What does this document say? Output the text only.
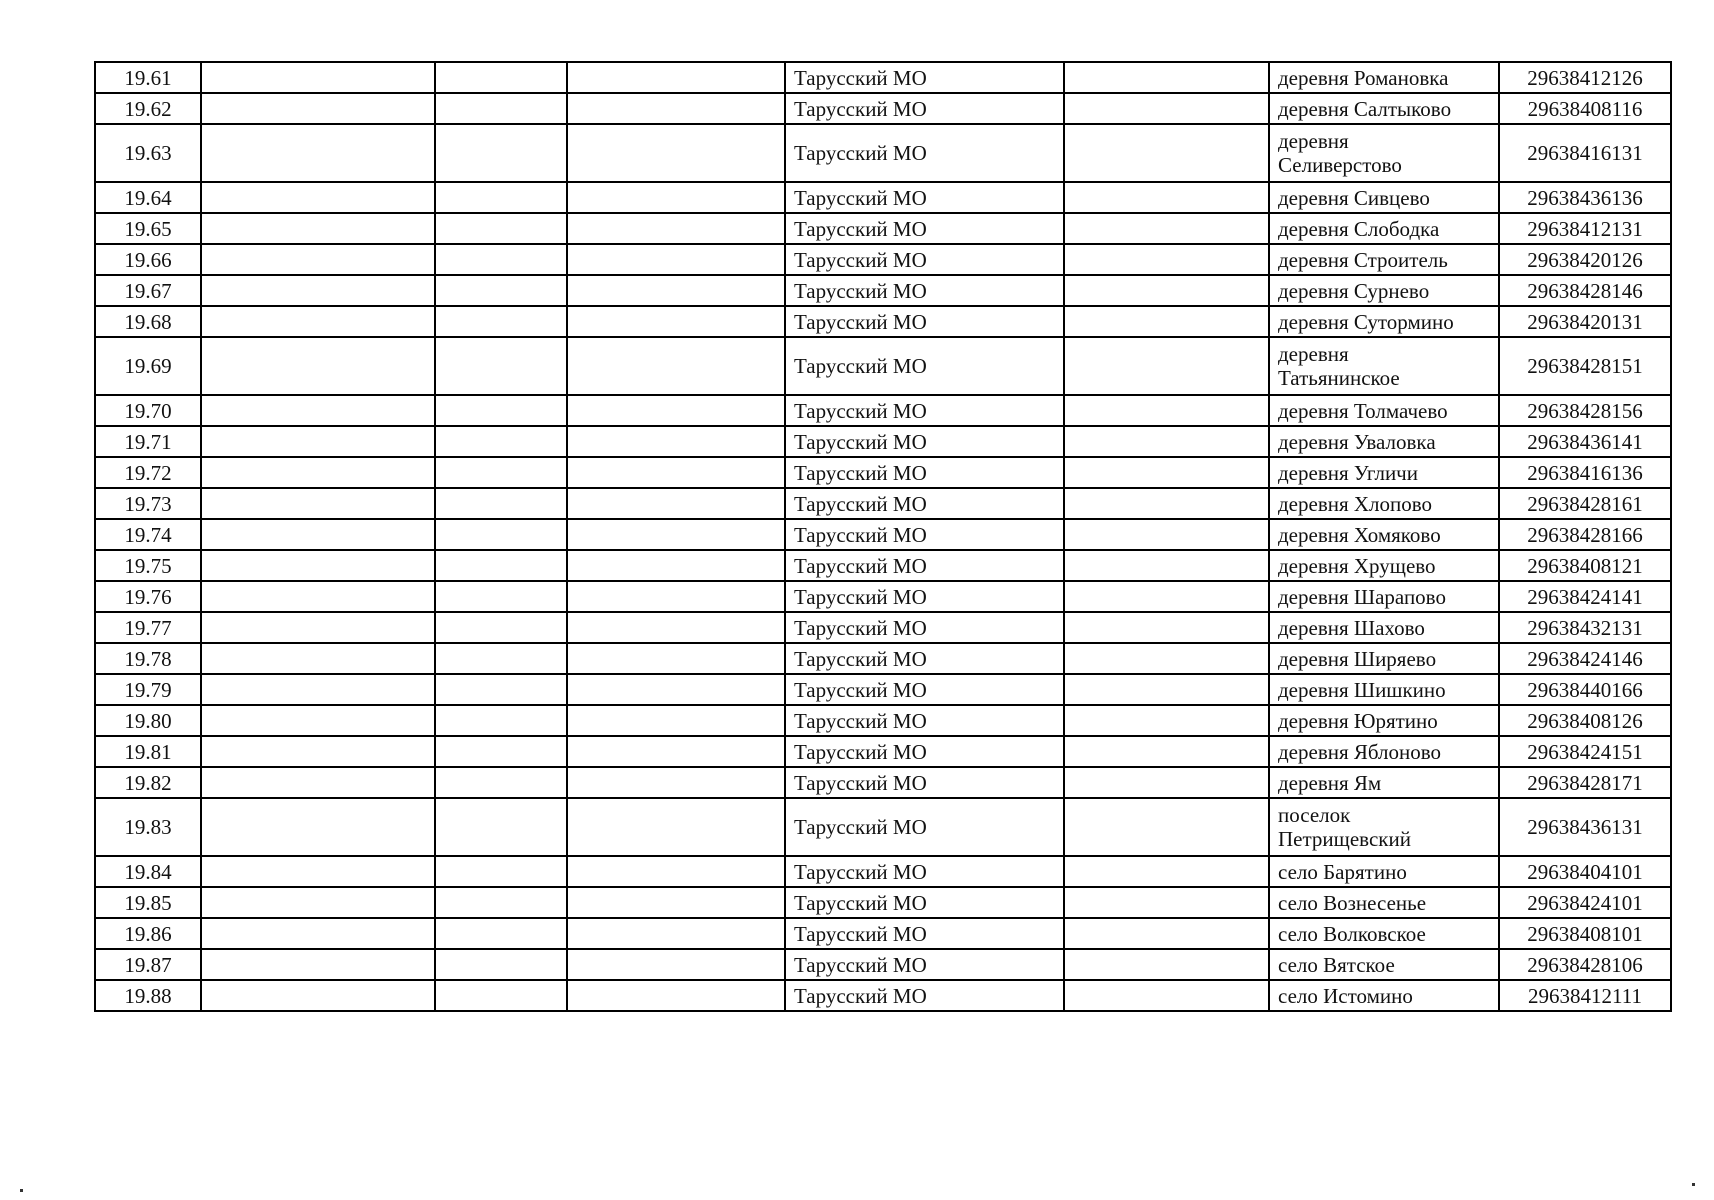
19.61				Тарусский МО		деревня Романовка	29638412126
19.62				Тарусский МО		деревня Салтыково	29638408116
19.63				Тарусский МО		деревня Селиверстово	29638416131
19.64				Тарусский МО		деревня Сивцево	29638436136
19.65				Тарусский МО		деревня Слободка	29638412131
19.66				Тарусский МО		деревня Строитель	29638420126
19.67				Тарусский МО		деревня Сурнево	29638428146
19.68				Тарусский МО		деревня Сутормино	29638420131
19.69				Тарусский МО		деревня Татьянинское	29638428151
19.70				Тарусский МО		деревня Толмачево	29638428156
19.71				Тарусский МО		деревня Уваловка	29638436141
19.72				Тарусский МО		деревня Угличи	29638416136
19.73				Тарусский МО		деревня Хлопово	29638428161
19.74				Тарусский МО		деревня Хомяково	29638428166
19.75				Тарусский МО		деревня Хрущево	29638408121
19.76				Тарусский МО		деревня Шарапово	29638424141
19.77				Тарусский МО		деревня Шахово	29638432131
19.78				Тарусский МО		деревня Ширяево	29638424146
19.79				Тарусский МО		деревня Шишкино	29638440166
19.80				Тарусский МО		деревня Юрятино	29638408126
19.81				Тарусский МО		деревня Яблоново	29638424151
19.82				Тарусский МО		деревня Ям	29638428171
19.83				Тарусский МО		поселок Петрищевский	29638436131
19.84				Тарусский МО		село Барятино	29638404101
19.85				Тарусский МО		село Вознесенье	29638424101
19.86				Тарусский МО		село Волковское	29638408101
19.87				Тарусский МО		село Вятское	29638428106
19.88				Тарусский МО		село Истомино	29638412111
